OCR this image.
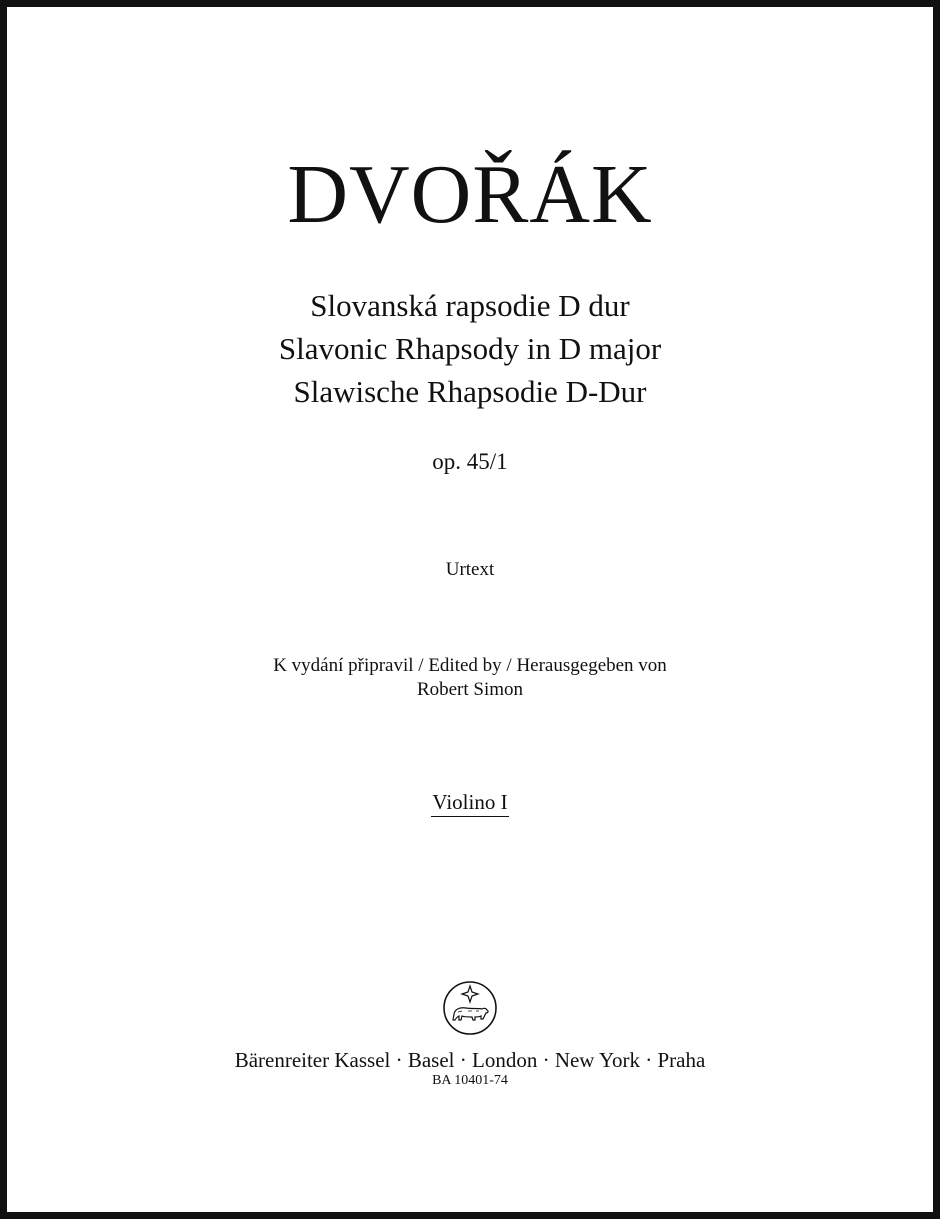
DVOŘÁK
Slovanská rapsodie D dur
Slavonic Rhapsody in D major
Slawische Rhapsodie D-Dur
op. 45/1
Urtext
K vydání připravil / Edited by / Herausgegeben von
Robert Simon
Violino I
Bärenreiter Kassel · Basel · London · New York · Praha
BA 10401-74
